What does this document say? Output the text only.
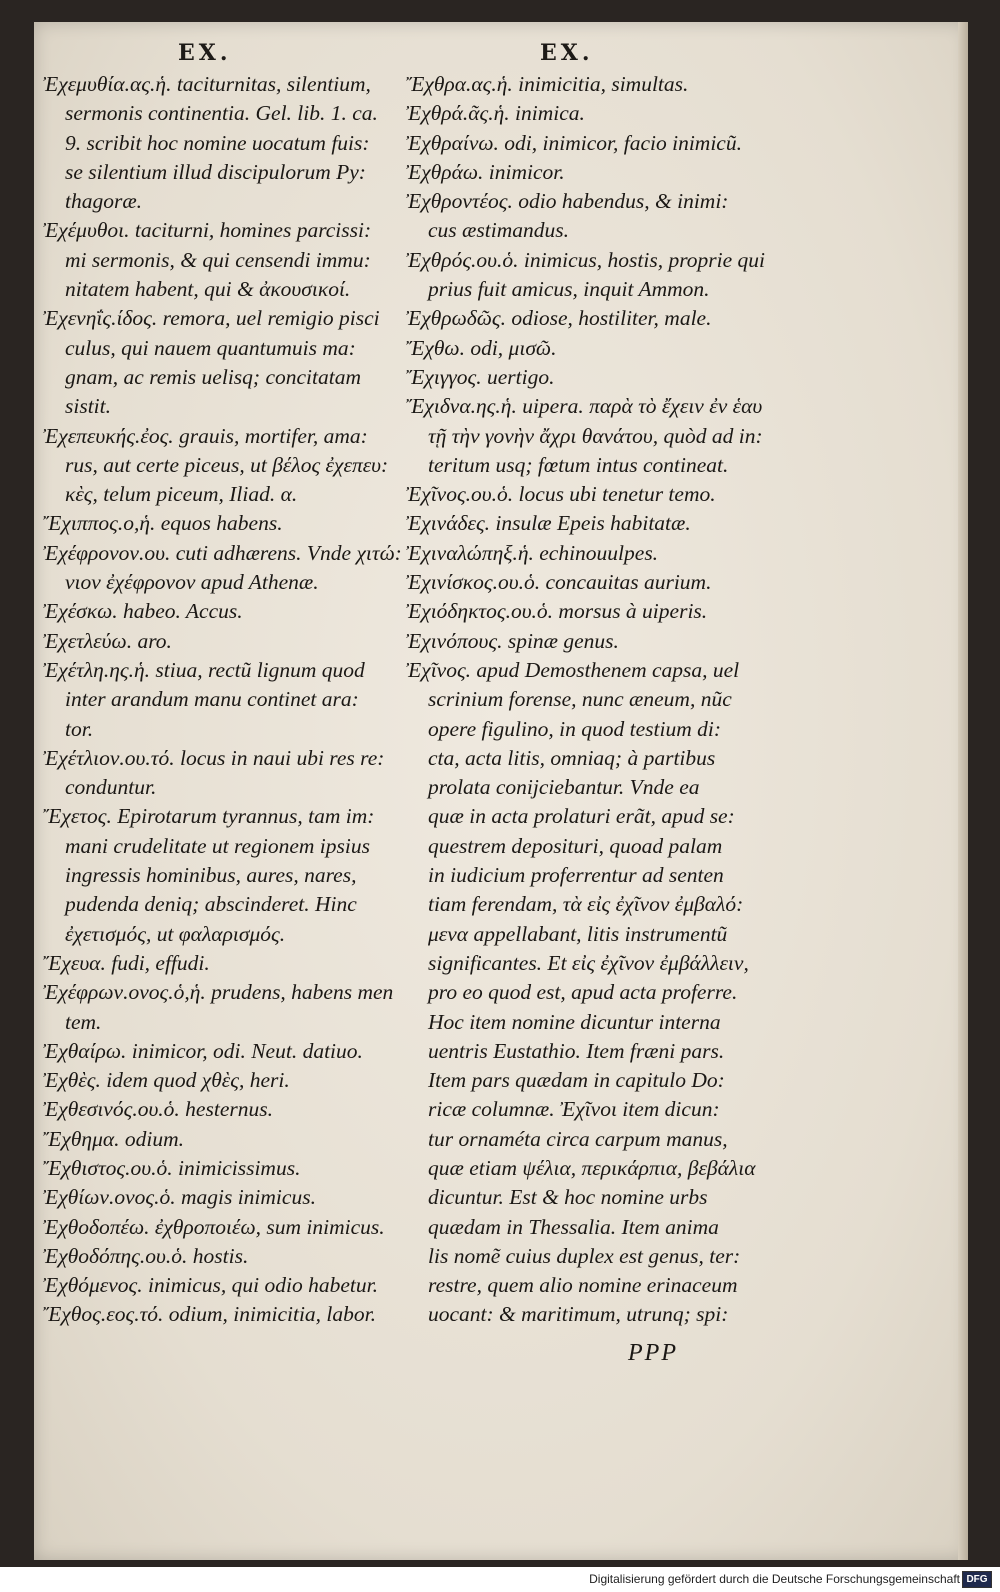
EX.	EX.
Ἐχεμυθία.ας.ἡ. taciturnitas, silentium,
sermonis continentia. Gel. lib. 1. ca.
9. scribit hoc nomine uocatum fuis:
se silentium illud discipulorum Py:
thagoræ.
Ἐχέμυθοι. taciturni, homines parcissi:
mi sermonis, & qui censendi immu:
nitatem habent, qui & ἀκουσικοί.
Ἐχενηΐς.ίδος. remora, uel remigio pisci
culus, qui nauem quantumuis ma:
gnam, ac remis uelisq; concitatam
sistit.
Ἐχεπευκής.ἐος. grauis, mortifer, ama:
rus, aut certe piceus, ut βέλος ἐχεπευ:
κὲς, telum piceum, Iliad. α.
Ἔχιππος.ο,ἡ. equos habens.
Ἐχέφρονον.ου. cuti adhærens. Vnde χιτώ:
νιον ἐχέφρονον apud Athenæ.
Ἐχέσκω. habeo. Accus.
Ἐχετλεύω. aro.
Ἐχέτλη.ης.ἡ. stiua, rectũ lignum quod
inter arandum manu continet ara:
tor.
Ἐχέτλιον.ου.τό. locus in naui ubi res re:
conduntur.
Ἔχετος. Epirotarum tyrannus, tam im:
mani crudelitate ut regionem ipsius
ingressis hominibus, aures, nares,
pudenda deniq; abscinderet. Hinc
ἐχετισμός, ut φαλαρισμός.
Ἔχευα. fudi, effudi.
Ἐχέφρων.ονος.ὁ,ἡ. prudens, habens men
tem.
Ἐχθαίρω. inimicor, odi. Neut. datiuo.
Ἐχθὲς. idem quod χθὲς, heri.
Ἐχθεσινός.ου.ὁ. hesternus.
Ἔχθημα. odium.
Ἔχθιστος.ου.ὁ. inimicissimus.
Ἐχθίων.ονος.ὁ. magis inimicus.
Ἐχθοδοπέω. ἐχθροποιέω, sum inimicus.
Ἐχθοδόπης.ου.ὁ. hostis.
Ἐχθόμενος. inimicus, qui odio habetur.
Ἔχθος.εος.τό. odium, inimicitia, labor.
Ἔχθρα.ας.ἡ. inimicitia, simultas.
Ἐχθρά.ᾶς.ἡ. inimica.
Ἐχθραίνω. odi, inimicor, facio inimicũ.
Ἐχθράω. inimicor.
Ἐχθροντέος. odio habendus, & inimi:
cus æstimandus.
Ἐχθρός.ου.ὁ. inimicus, hostis, proprie qui
prius fuit amicus, inquit Ammon.
Ἐχθρωδῶς. odiose, hostiliter, male.
Ἔχθω. odi, μισῶ.
Ἔχιγγος. uertigo.
Ἔχιδνα.ης.ἡ. uipera. παρὰ τὸ ἔχειν ἐν ἑαυ
τῇ τὴν γονὴν ἄχρι θανάτου, quòd ad in:
teritum usq; fœtum intus contineat.
Ἐχῖνος.ου.ὁ. locus ubi tenetur temo.
Ἐχινάδες. insulæ Epeis habitatæ.
Ἐχιναλώπηξ.ἡ. echinouulpes.
Ἐχινίσκος.ου.ὁ. concauitas aurium.
Ἐχιόδηκτος.ου.ὁ. morsus à uiperis.
Ἐχινόπους. spinæ genus.
Ἐχῖνος. apud Demosthenem capsa, uel
scrinium forense, nunc æneum, nũc
opere figulino, in quod testium di:
cta, acta litis, omniaq; à partibus
prolata conijciebantur. Vnde ea
quæ in acta prolaturi erãt, apud se:
questrem deposituri, quoad palam
in iudicium proferrentur ad senten
tiam ferendam, τὰ εἰς ἐχῖνον ἐμβαλό:
μενα appellabant, litis instrumentũ
significantes. Et εἰς ἐχῖνον ἐμβάλλειν,
pro eo quod est, apud acta proferre.
Hoc item nomine dicuntur interna
uentris Eustathio. Item fræni pars.
Item pars quædam in capitulo Do:
ricæ columnæ. Ἐχῖνοι item dicun:
tur ornaméta circa carpum manus,
quæ etiam ψέλια, περικάρπια, βεβάλια
dicuntur. Est & hoc nomine urbs
quædam in Thessalia. Item anima
lis nomẽ cuius duplex est genus, ter:
restre, quem alio nomine erinaceum
uocant: & maritimum, utrunq; spi:
PPP
Digitalisierung gefördert durch die Deutsche Forschungsgemeinschaft DFG
